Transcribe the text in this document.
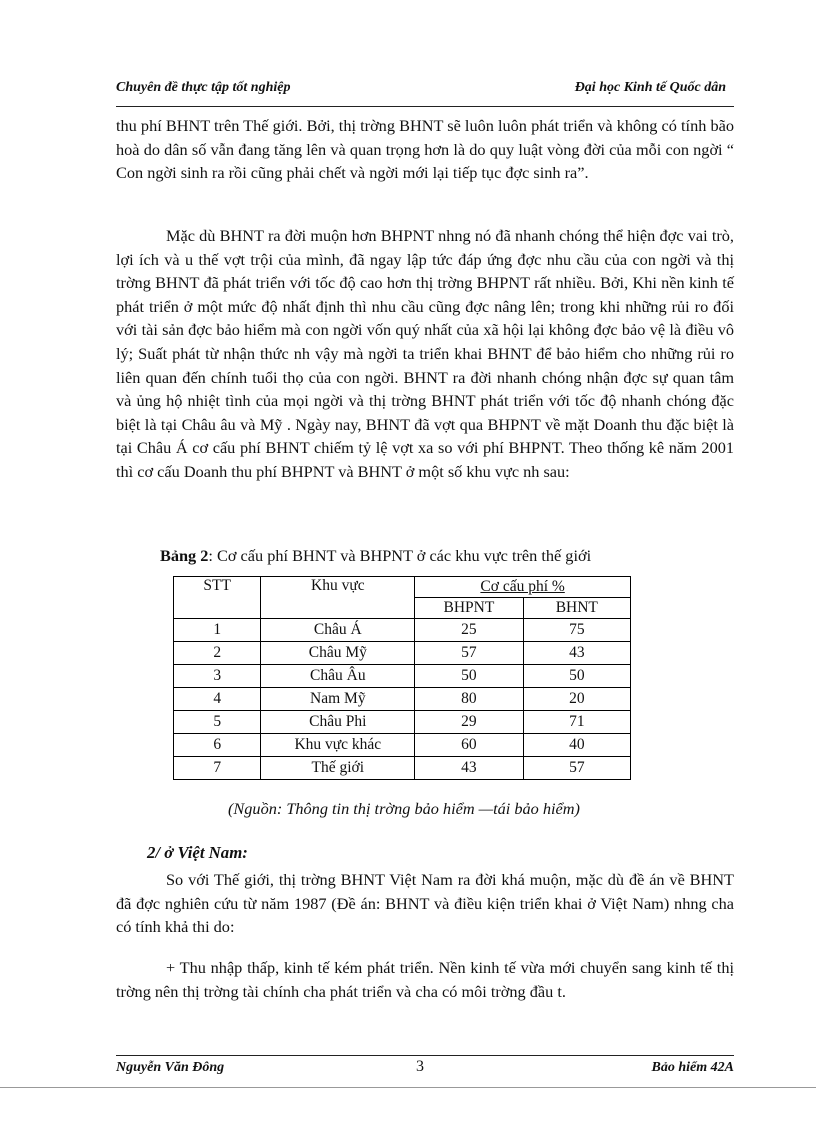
Chuyên đề thực tập tốt nghiệp	Đại học Kinh tế Quốc dân

thu phí BHNT trên Thế giới. Bởi, thị trờng BHNT sẽ luôn luôn phát triển và không có tính bão hoà do dân số vẫn đang tăng lên và quan trọng hơn là do quy luật vòng đời của mỗi con ngời “ Con ngời sinh ra rồi cũng phải chết và ngời mới lại tiếp tục đợc sinh ra”.

Mặc dù BHNT ra đời muộn hơn BHPNT nhng nó đã nhanh chóng thể hiện đợc vai trò, lợi ích và u thế vợt trội của mình, đã ngay lập tức đáp ứng đợc nhu cầu của con ngời và thị trờng BHNT đã phát triển với tốc độ cao hơn thị trờng BHPNT rất nhiều. Bởi, Khi nền kinh tế phát triển ở một mức độ nhất định thì nhu cầu cũng đợc nâng lên; trong khi những rủi ro đối với tài sản đợc bảo hiểm mà con ngời vốn quý nhất của xã hội lại không đợc bảo vệ là điều vô lý; Suất phát từ nhận thức nh vậy mà ngời ta triển khai BHNT để bảo hiểm cho những rủi ro liên quan đến chính tuổi thọ của con ngời. BHNT ra đời nhanh chóng nhận đợc sự quan tâm và ủng hộ nhiệt tình của mọi ngời và thị trờng BHNT phát triển với tốc độ nhanh chóng đặc biệt là tại Châu âu và Mỹ . Ngày nay, BHNT đã vợt qua BHPNT về mặt Doanh thu đặc biệt là tại Châu Á cơ cấu phí BHNT chiếm tỷ lệ vợt xa so với phí BHPNT. Theo thống kê năm 2001 thì cơ cấu Doanh thu phí BHPNT và BHNT ở một số khu vực nh sau:

Bảng 2: Cơ cấu phí BHNT và BHPNT ở các khu vực trên thế giới
STT	Khu vực	Cơ cấu phí %	
		BHPNT	BHNT
1	Châu Á	25	75
2	Châu Mỹ	57	43
3	Châu Âu	50	50
4	Nam Mỹ	80	20
5	Châu Phi	29	71
6	Khu vực khác	60	40
7	Thế giới	43	57
(Nguồn: Thông tin thị trờng bảo hiểm —tái bảo hiểm)
2/ ở Việt Nam:

So với Thế giới, thị trờng BHNT Việt Nam ra đời khá muộn, mặc dù đề án về BHNT đã đợc nghiên cứu từ năm 1987 (Đề án: BHNT và điều kiện triển khai ở Việt Nam) nhng cha có tính khả thi do:

+ Thu nhập thấp, kinh tế kém phát triển. Nền kinh tế vừa mới chuyển sang kinh tế thị trờng nên thị trờng tài chính cha phát triển và cha có môi trờng đầu t.

Nguyễn Văn Đông	3	Bảo hiểm 42A
